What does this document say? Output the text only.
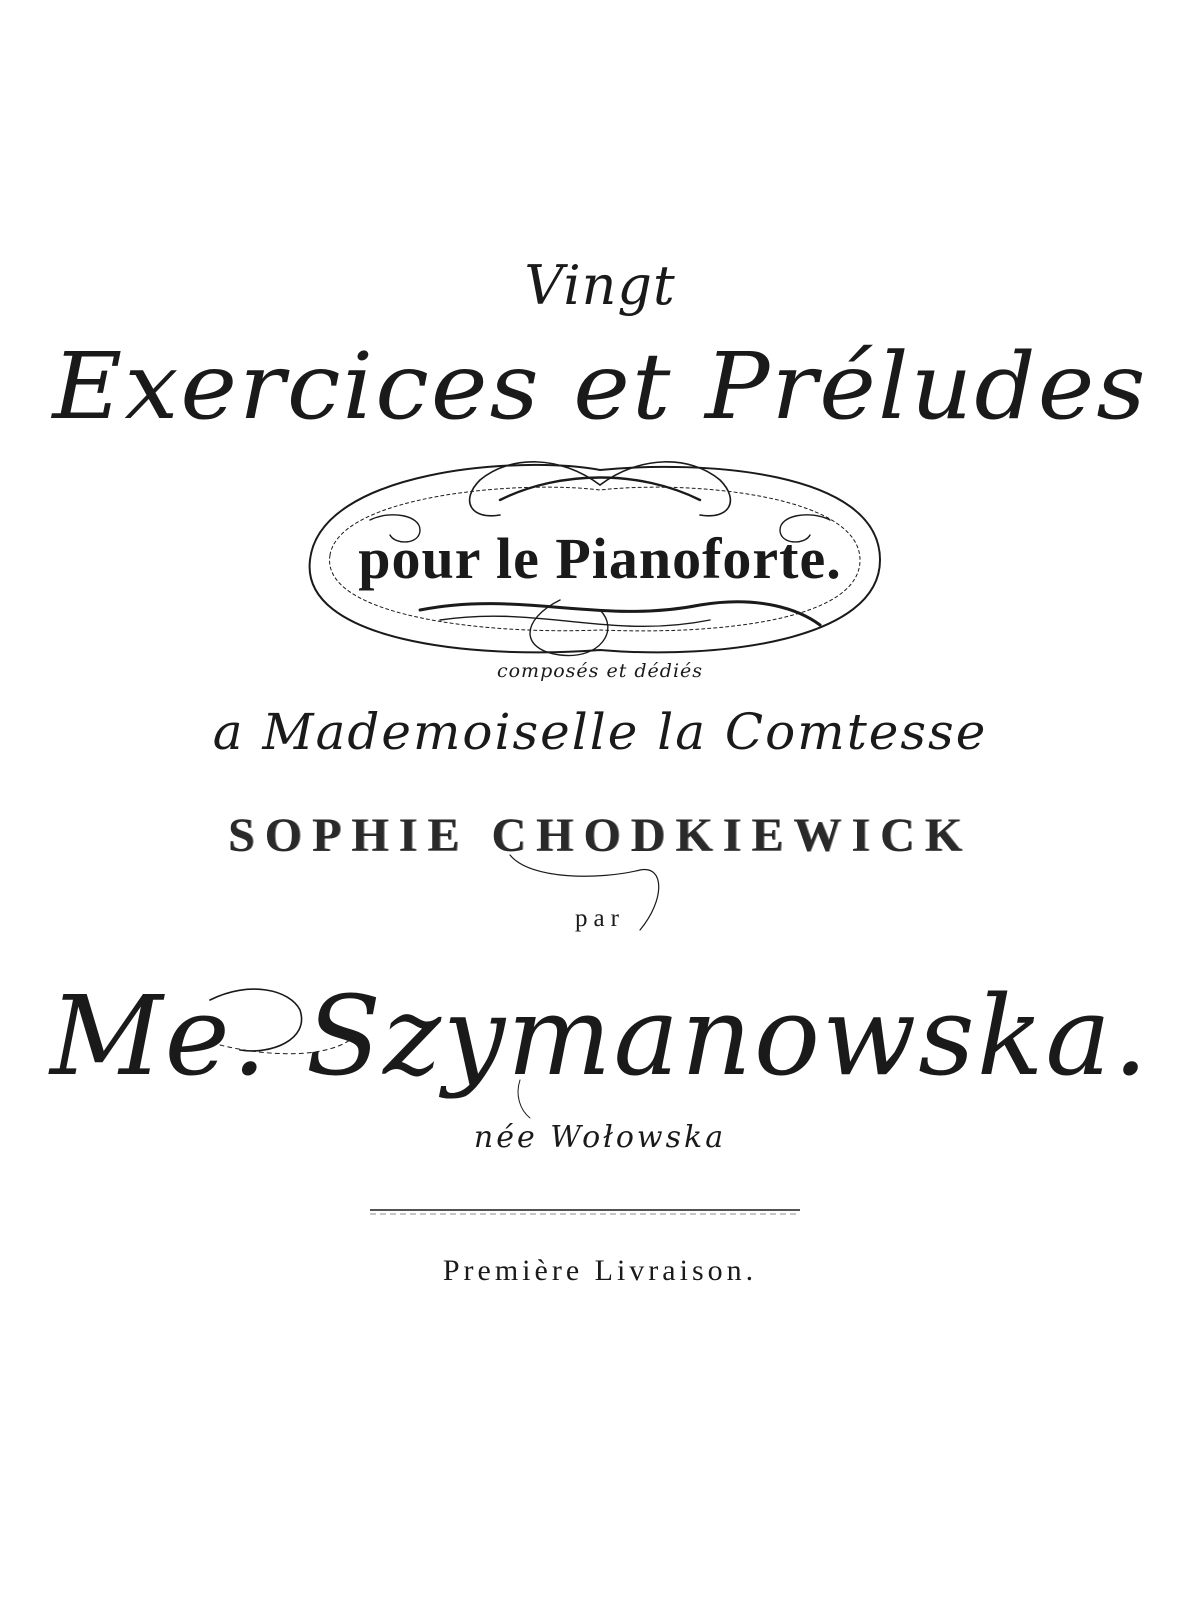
Vingt
Exercices et Préludes
pour le Pianoforte.
composés et dédiés
a Mademoiselle la Comtesse
SOPHIE CHODKIEWICK
par
Me. Szymanowska.
née Wołowska
Première Livraison.
